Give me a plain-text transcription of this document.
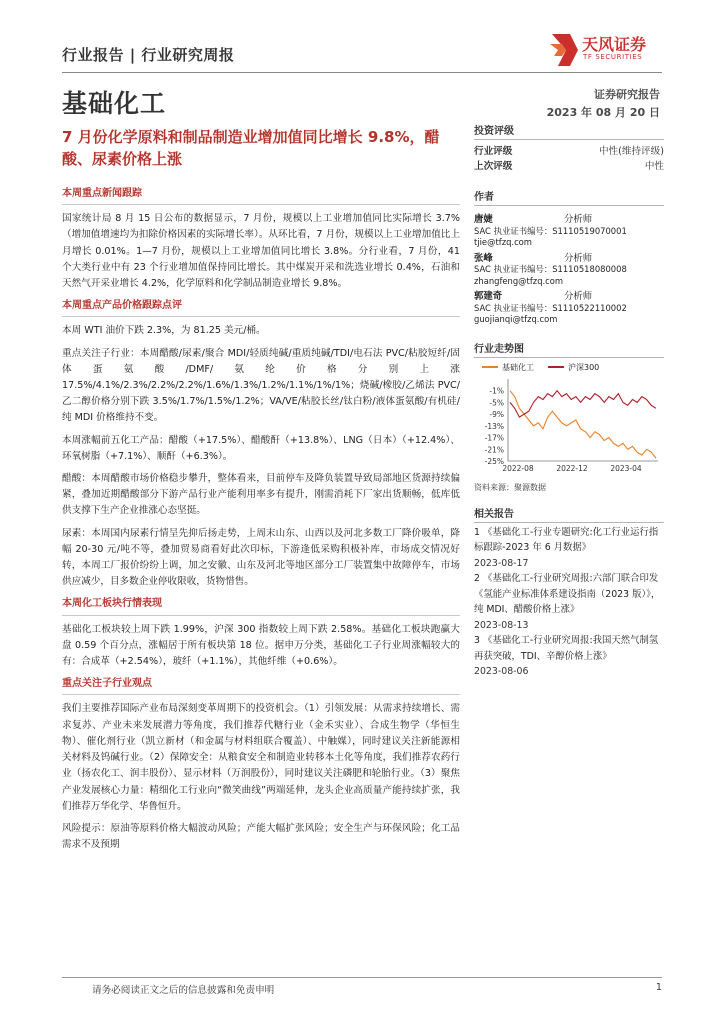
行业报告 | 行业研究周报
天风证券
TF SECURITIES
基础化工	证券研究报告
2023 年 08 月 20 日
7 月份化学原料和制品制造业增加值同比增长 9.8%，醋酸、尿素价格上涨
本周重点新闻跟踪

国家统计局 8 月 15 日公布的数据显示，7 月份，规模以上工业增加值同比实际增长 3.7%（增加值增速均为扣除价格因素的实际增长率）。从环比看，7 月份，规模以上工业增加值比上月增长 0.01%。1—7 月份，规模以上工业增加值同比增长 3.8%。分行业看，7 月份，41 个大类行业中有 23 个行业增加值保持同比增长。其中煤炭开采和洗选业增长 0.4%，石油和天然气开采业增长 4.2%，化学原料和化学制品制造业增长 9.8%。

本周重点产品价格跟踪点评

本周 WTI 油价下跌 2.3%，为 81.25 美元/桶。

重点关注子行业：本周醋酸/尿素/聚合 MDI/轻质纯碱/重质纯碱/TDI/电石法 PVC/粘胶短纤/固体蛋氨酸/DMF/氨纶价格分别上涨 17.5%/4.1%/2.3%/2.2%/2.2%/1.6%/1.3%/1.2%/1.1%/1%/1%；烧碱/橡胶/乙烯法 PVC/乙二醇价格分别下跌 3.5%/1.7%/1.5%/1.2%；VA/VE/粘胶长丝/钛白粉/液体蛋氨酸/有机硅/纯 MDI 价格维持不变。

本周涨幅前五化工产品：醋酸（+17.5%）、醋酸酐（+13.8%）、LNG（日本）（+12.4%）、环氧树脂（+7.1%）、顺酐（+6.3%）。

醋酸：本周醋酸市场价格稳步攀升，整体看来，目前停车及降负装置导致局部地区货源持续偏紧，叠加近期醋酸部分下游产品行业产能利用率多有提升，刚需消耗下厂家出货顺畅，低库低供支撑下生产企业推涨心态坚挺。

尿素：本周国内尿素行情呈先抑后扬走势，上周末山东、山西以及河北多数工厂降价吸单，降幅 20-30 元/吨不等，叠加贸易商看好此次印标，下游逢低采购积极补库，市场成交情况好转，本周工厂报价纷纷上调，加之安徽、山东及河北等地区部分工厂装置集中故障停车，市场供应减少，目多数企业停收限收，货物惜售。

本周化工板块行情表现

基础化工板块较上周下跌 1.99%，沪深 300 指数较上周下跌 2.58%。基础化工板块跑赢大盘 0.59 个百分点，涨幅居于所有板块第 18 位。据申万分类，基础化工子行业周涨幅较大的有：合成革（+2.54%），玻纤（+1.1%），其他纤维（+0.6%）。

重点关注子行业观点

我们主要推荐国际产业布局深刻变革周期下的投资机会。（1）引领发展：从需求持续增长、需求复苏、产业未来发展潜力等角度，我们推荐代糖行业（金禾实业）、合成生物学（华恒生物）、催化剂行业（凯立新材（和金属与材料组联合覆盖）、中触媒），同时建议关注新能源相关材料及钨碱行业。（2）保障安全：从粮食安全和制造业转移本土化等角度，我们推荐农药行业（扬农化工、润丰股份）、显示材料（万润股份），同时建议关注磷肥和轮胎行业。（3）聚焦产业发展核心力量：精细化工行业向“微笑曲线”两端延伸，龙头企业高质量产能持续扩张，我们推荐万华化学、华鲁恒升。

风险提示：原油等原料价格大幅波动风险；产能大幅扩张风险；安全生产与环保风险；化工品需求不及预期

投资评级
行业评级	中性(维持评级)
上次评级	中性
作者
唐婕	分析师
SAC 执业证书编号： S1110519070001
tjie@tfzq.com
张峰	分析师
SAC 执业证书编号： S1110518080008
zhangfeng@tfzq.com
郭建奇	分析师
SAC 执业证书编号： S1110522110002
guojianqi@tfzq.com
行业走势图
基础化工	沪深300
-1%
-5%
-9%
-13%
-17%
-21%
-25%
2022-08	2022-12	2023-04
资料来源：聚源数据
相关报告
1 《基础化工-行业专题研究:化工行业运行指标跟踪-2023 年 6 月数据》
2023-08-17
2 《基础化工-行业研究周报:六部门联合印发《氢能产业标准体系建设指南（2023 版）》，纯 MDI、醋酸价格上涨》
2023-08-13
3 《基础化工-行业研究周报:我国天然气制氢再获突破，TDI、辛醇价格上涨》
2023-08-06
请务必阅读正文之后的信息披露和免责申明	1
